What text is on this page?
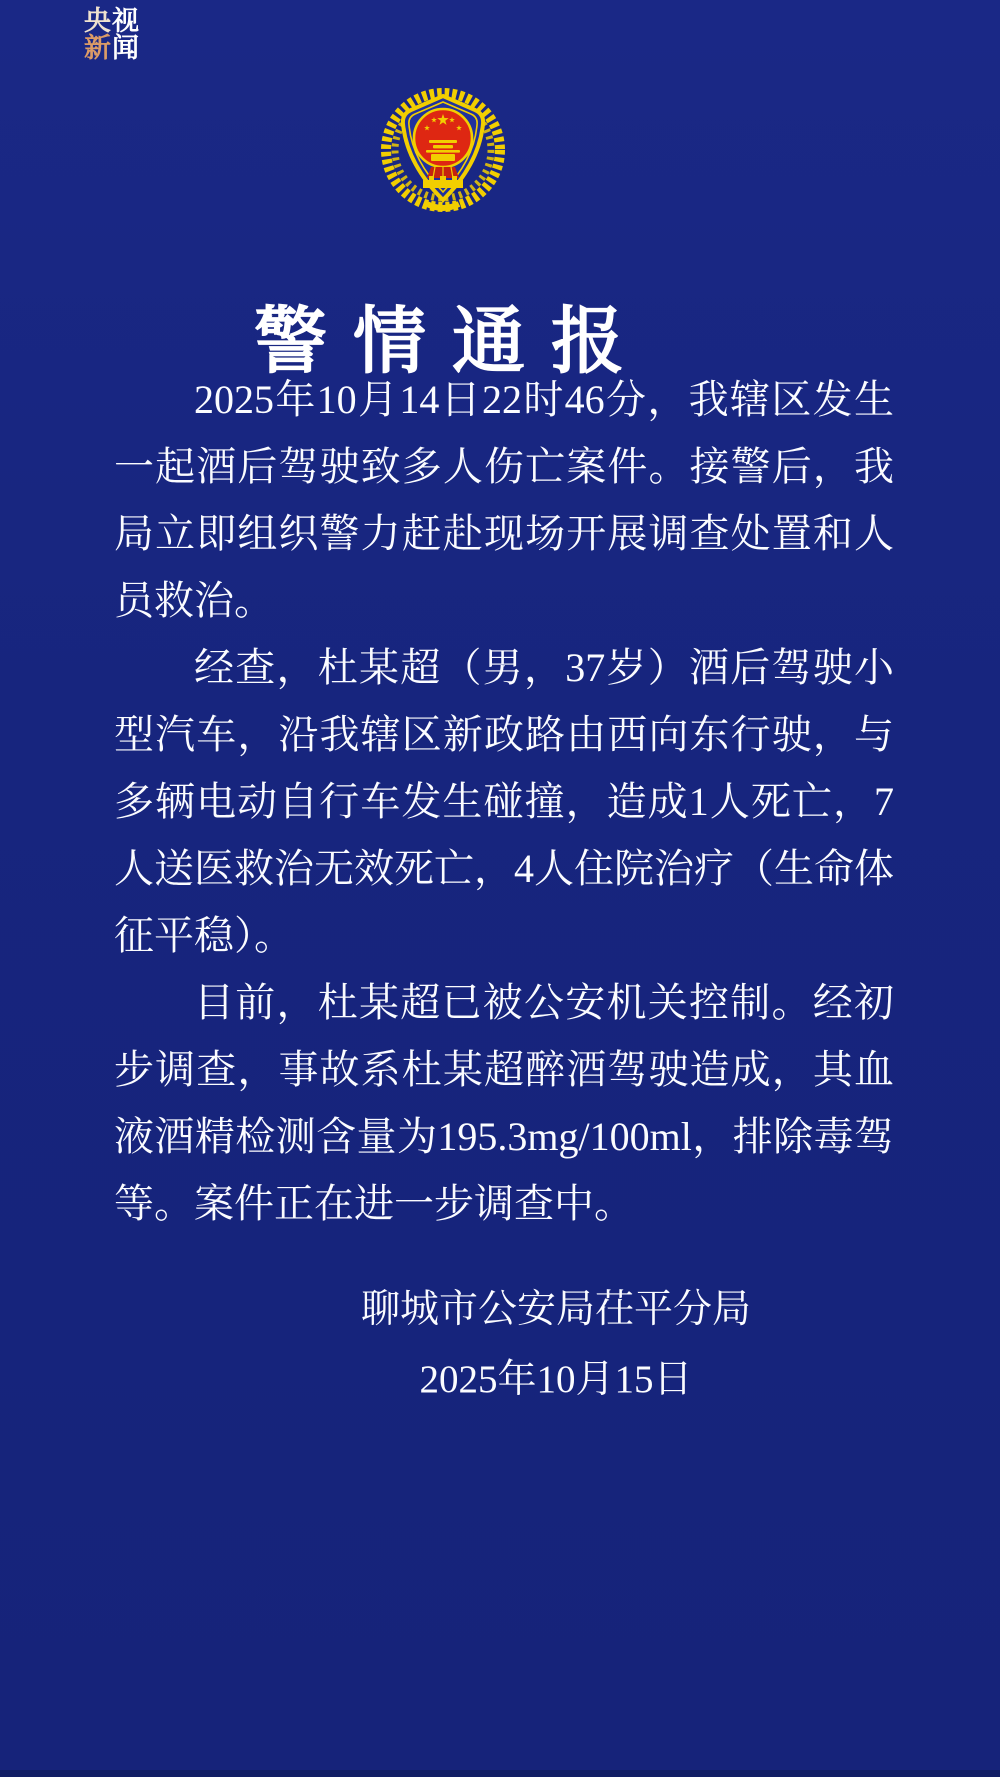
央视
新闻
警情通报

2025年10月14日22时46分，我辖区发生一起酒后驾驶致多人伤亡案件。接警后，我局立即组织警力赶赴现场开展调查处置和人员救治。

经查，杜某超（男，37岁）酒后驾驶小型汽车，沿我辖区新政路由西向东行驶，与多辆电动自行车发生碰撞，造成1人死亡，7人送医救治无效死亡，4人住院治疗（生命体征平稳）。

目前，杜某超已被公安机关控制。经初步调查，事故系杜某超醉酒驾驶造成，其血液酒精检测含量为195.3mg/100ml，排除毒驾等。案件正在进一步调查中。

聊城市公安局茌平分局
2025年10月15日
